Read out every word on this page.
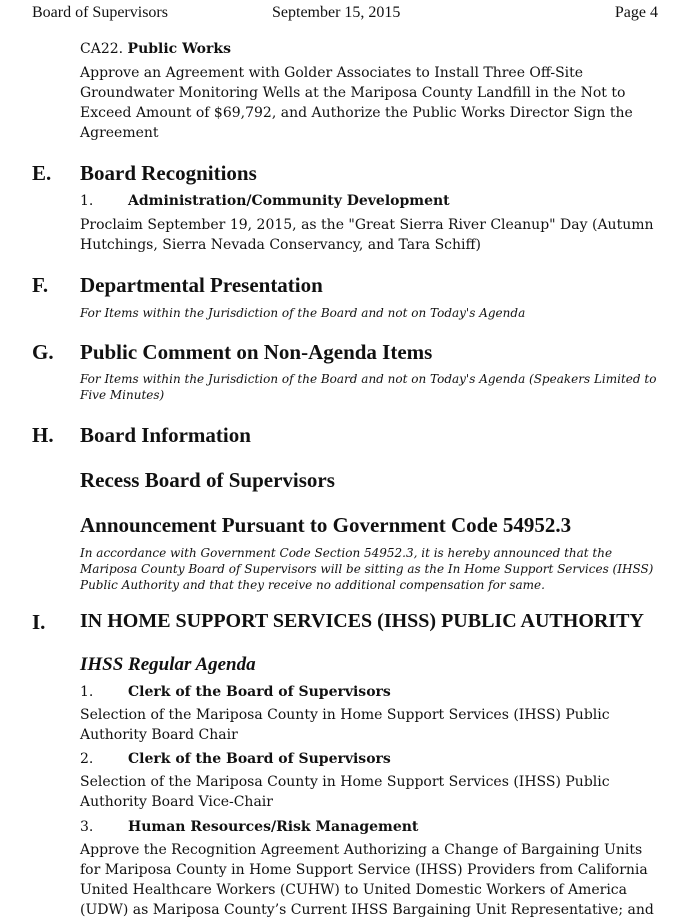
Board of Supervisors	September 15, 2015	Page 4
CA22. Public Works
Approve an Agreement with Golder Associates to Install Three Off-Site Groundwater Monitoring Wells at the Mariposa County Landfill in the Not to Exceed Amount of $69,792, and Authorize the Public Works Director Sign the Agreement
E. Board Recognitions
1. Administration/Community Development
Proclaim September 19, 2015, as the "Great Sierra River Cleanup" Day (Autumn Hutchings, Sierra Nevada Conservancy, and Tara Schiff)
F. Departmental Presentation
For Items within the Jurisdiction of the Board and not on Today's Agenda
G. Public Comment on Non-Agenda Items
For Items within the Jurisdiction of the Board and not on Today's Agenda (Speakers Limited to Five Minutes)
H. Board Information
Recess Board of Supervisors
Announcement Pursuant to Government Code 54952.3
In accordance with Government Code Section 54952.3, it is hereby announced that the Mariposa County Board of Supervisors will be sitting as the In Home Support Services (IHSS) Public Authority and that they receive no additional compensation for same.
I. IN HOME SUPPORT SERVICES (IHSS) PUBLIC AUTHORITY
IHSS Regular Agenda
1. Clerk of the Board of Supervisors
Selection of the Mariposa County in Home Support Services (IHSS) Public Authority Board Chair
2. Clerk of the Board of Supervisors
Selection of the Mariposa County in Home Support Services (IHSS) Public Authority Board Vice-Chair
3. Human Resources/Risk Management
Approve the Recognition Agreement Authorizing a Change of Bargaining Units for Mariposa County in Home Support Service (IHSS) Providers from California United Healthcare Workers (CUHW) to United Domestic Workers of America (UDW) as Mariposa County’s Current IHSS Bargaining Unit Representative; and
